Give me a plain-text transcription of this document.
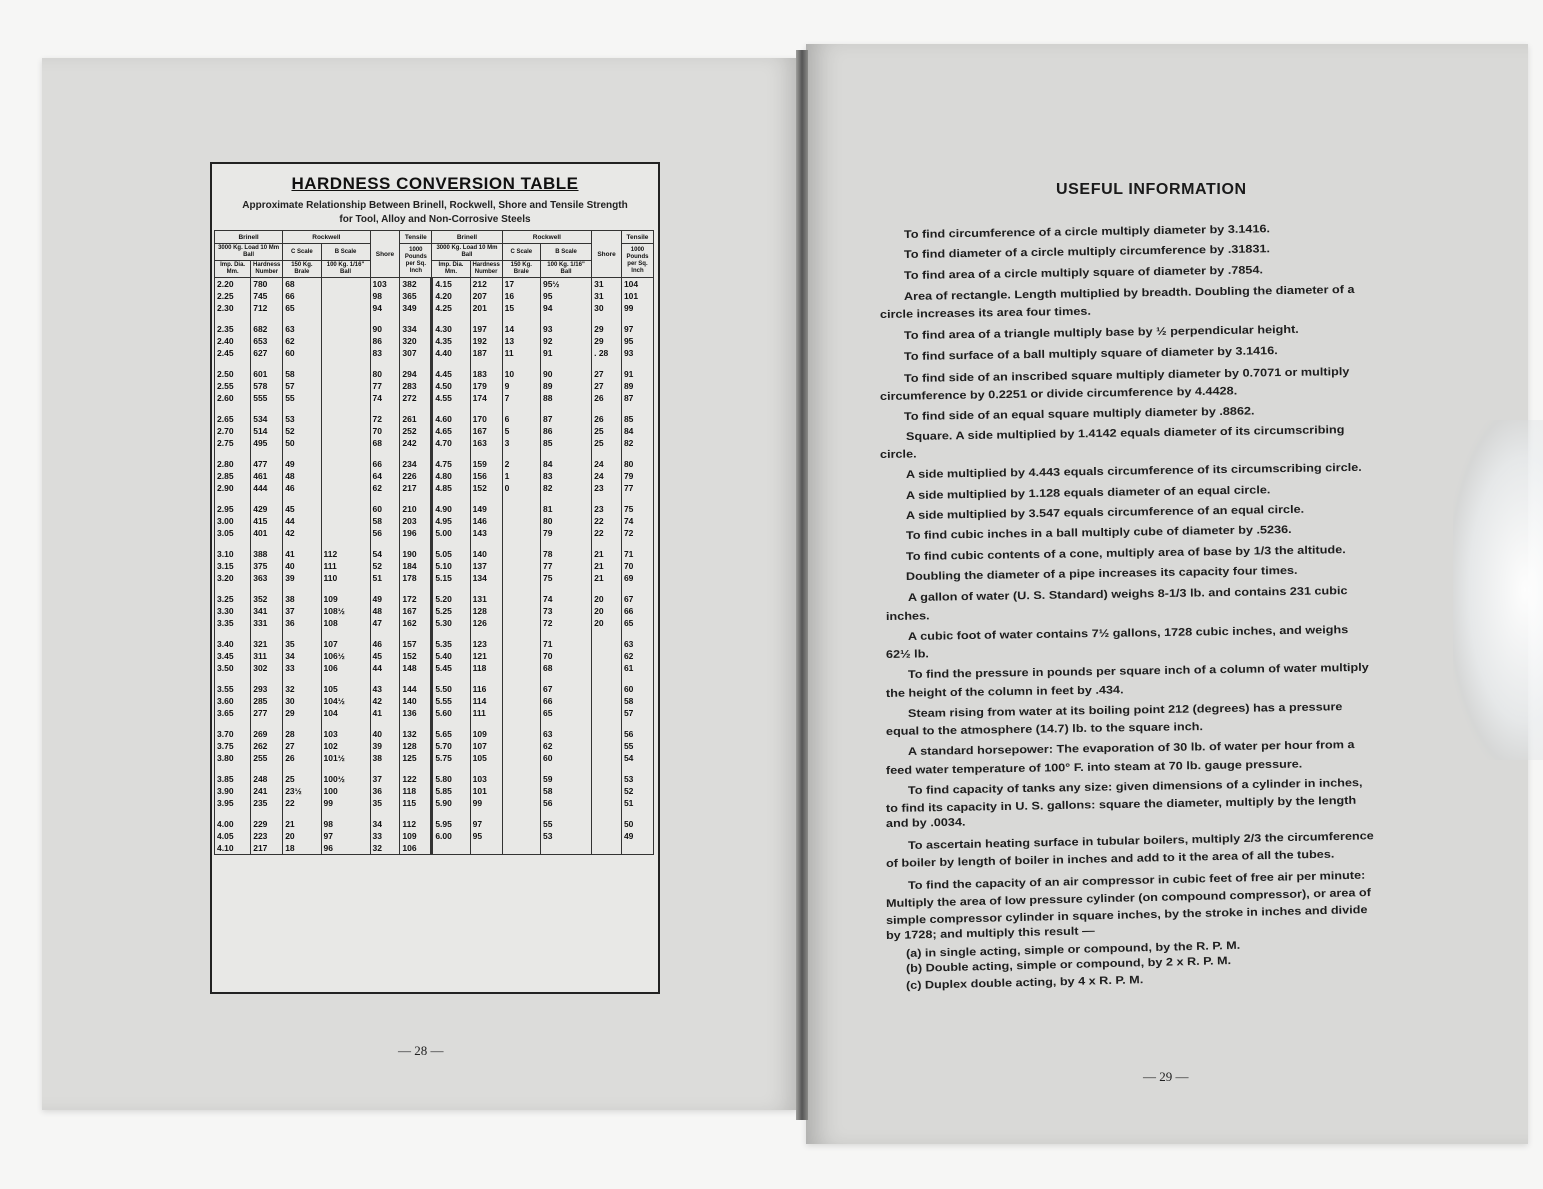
HARDNESS CONVERSION TABLE
Approximate Relationship Between Brinell, Rockwell, Shore and Tensile Strength
for Tool, Alloy and Non-Corrosive Steels
Brinell		Rockwell		Shore	Tensile	Brinell		Rockwell		Shore	Tensile
3000 Kg. Load 10 Mm Ball		C Scale	B Scale		1000 Pounds per Sq. Inch	3000 Kg. Load 10 Mm Ball		C Scale	B Scale		1000 Pounds per Sq. Inch
Imp. Dia. Mm.	Hardness Number	150 Kg. Brale	100 Kg. 1/16" Ball			Imp. Dia. Mm.	Hardness Number	150 Kg. Brale	100 Kg. 1/16" Ball		
2.20	780	68		103	382	4.15	212	17	95½	31	104
2.25	745	66		98	365	4.20	207	16	95	31	101
2.30	712	65		94	349	4.25	201	15	94	30	99

2.35	682	63		90	334	4.30	197	14	93	29	97
2.40	653	62		86	320	4.35	192	13	92	29	95
2.45	627	60		83	307	4.40	187	11	91	. 28	93

2.50	601	58		80	294	4.45	183	10	90	27	91
2.55	578	57		77	283	4.50	179	9	89	27	89
2.60	555	55		74	272	4.55	174	7	88	26	87

2.65	534	53		72	261	4.60	170	6	87	26	85
2.70	514	52		70	252	4.65	167	5	86	25	84
2.75	495	50		68	242	4.70	163	3	85	25	82

2.80	477	49		66	234	4.75	159	2	84	24	80
2.85	461	48		64	226	4.80	156	1	83	24	79
2.90	444	46		62	217	4.85	152	0	82	23	77

2.95	429	45		60	210	4.90	149		81	23	75
3.00	415	44		58	203	4.95	146		80	22	74
3.05	401	42		56	196	5.00	143		79	22	72

3.10	388	41	112	54	190	5.05	140		78	21	71
3.15	375	40	111	52	184	5.10	137		77	21	70
3.20	363	39	110	51	178	5.15	134		75	21	69

3.25	352	38	109	49	172	5.20	131		74	20	67
3.30	341	37	108½	48	167	5.25	128		73	20	66
3.35	331	36	108	47	162	5.30	126		72	20	65

3.40	321	35	107	46	157	5.35	123		71		63
3.45	311	34	106½	45	152	5.40	121		70		62
3.50	302	33	106	44	148	5.45	118		68		61

3.55	293	32	105	43	144	5.50	116		67		60
3.60	285	30	104½	42	140	5.55	114		66		58
3.65	277	29	104	41	136	5.60	111		65		57

3.70	269	28	103	40	132	5.65	109		63		56
3.75	262	27	102	39	128	5.70	107		62		55
3.80	255	26	101½	38	125	5.75	105		60		54

3.85	248	25	100½	37	122	5.80	103		59		53
3.90	241	23½	100	36	118	5.85	101		58		52
3.95	235	22	99	35	115	5.90	99		56		51

4.00	229	21	98	34	112	5.95	97		55		50
4.05	223	20	97	33	109	6.00	95		53		49
4.10	217	18	96	32	106						
— 28 —
USEFUL INFORMATION
To find circumference of a circle multiply diameter by 3.1416.
To find diameter of a circle multiply circumference by .31831.
To find area of a circle multiply square of diameter by .7854.
Area of rectangle. Length multiplied by breadth. Doubling the diameter of a
circle increases its area four times.
To find area of a triangle multiply base by ½ perpendicular height.
To find surface of a ball multiply square of diameter by 3.1416.
To find side of an inscribed square multiply diameter by 0.7071 or multiply
circumference by 0.2251 or divide circumference by 4.4428.
To find side of an equal square multiply diameter by .8862.
Square. A side multiplied by 1.4142 equals diameter of its circumscribing
circle.
A side multiplied by 4.443 equals circumference of its circumscribing circle.
A side multiplied by 1.128 equals diameter of an equal circle.
A side multiplied by 3.547 equals circumference of an equal circle.
To find cubic inches in a ball multiply cube of diameter by .5236.
To find cubic contents of a cone, multiply area of base by 1/3 the altitude.
Doubling the diameter of a pipe increases its capacity four times.
A gallon of water (U. S. Standard) weighs 8-1/3 lb. and contains 231 cubic
inches.
A cubic foot of water contains 7½ gallons, 1728 cubic inches, and weighs
62½ lb.
To find the pressure in pounds per square inch of a column of water multiply
the height of the column in feet by .434.
Steam rising from water at its boiling point 212 (degrees) has a pressure
equal to the atmosphere (14.7) lb. to the square inch.
A standard horsepower: The evaporation of 30 lb. of water per hour from a
feed water temperature of 100° F. into steam at 70 lb. gauge pressure.
To find capacity of tanks any size: given dimensions of a cylinder in inches,
to find its capacity in U. S. gallons: square the diameter, multiply by the length
and by .0034.
To ascertain heating surface in tubular boilers, multiply 2/3 the circumference
of boiler by length of boiler in inches and add to it the area of all the tubes.
To find the capacity of an air compressor in cubic feet of free air per minute:
Multiply the area of low pressure cylinder (on compound compressor), or area of
simple compressor cylinder in square inches, by the stroke in inches and divide
by 1728; and multiply this result —
(a) in single acting, simple or compound, by the R. P. M.
(b) Double acting, simple or compound, by 2 x R. P. M.
(c) Duplex double acting, by 4 x R. P. M.
— 29 —
